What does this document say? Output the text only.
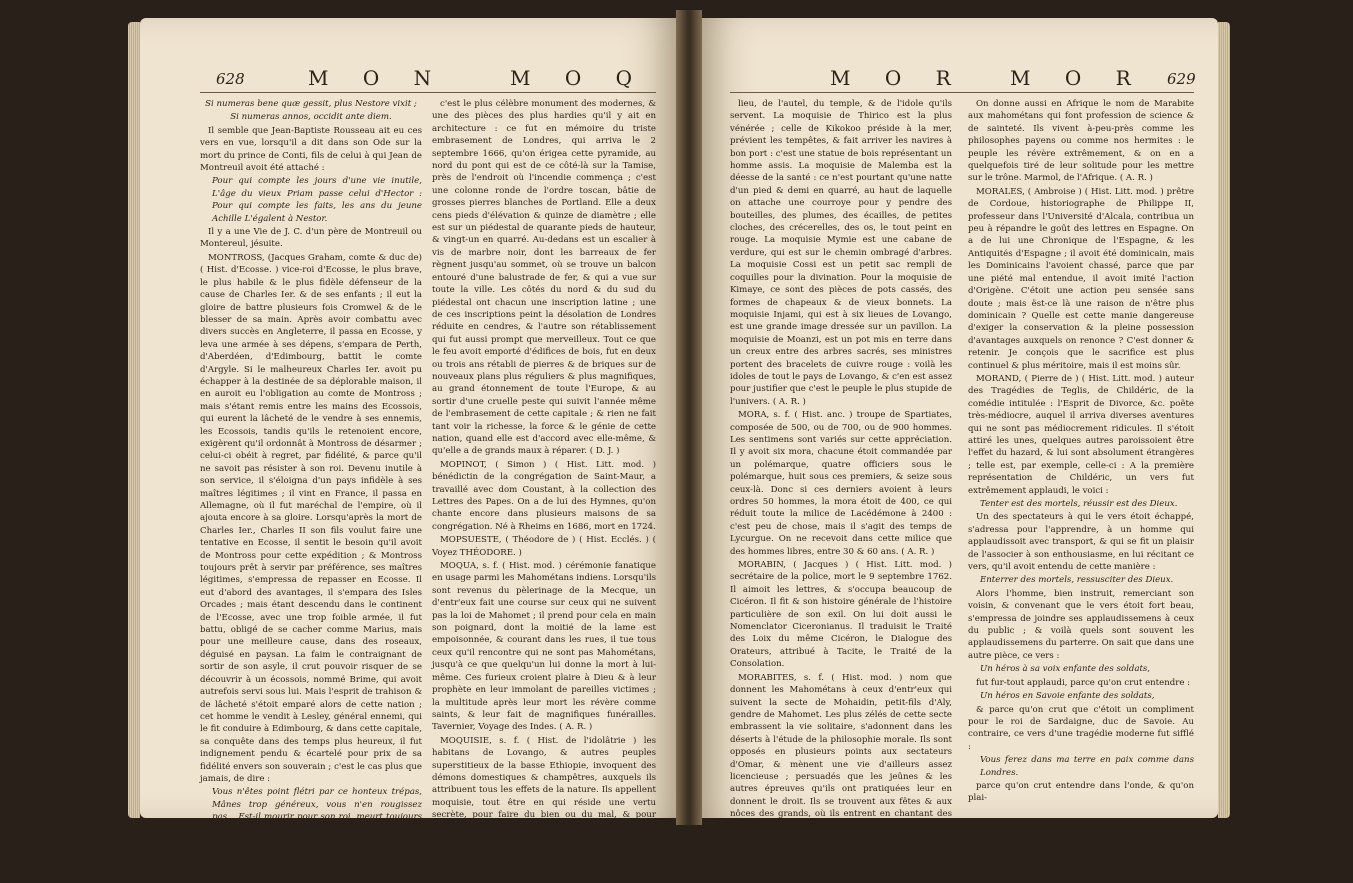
628	M O N	M O Q

Si numeras bene quæ gessit, plus Nestore vixit ;

Si numeras annos, occidit ante diem.

Il semble que Jean-Baptiste Rousseau ait eu ces vers en vue, lorsqu'il a dit dans son Ode sur la mort du prince de Conti, fils de celui à qui Jean de Montreuil avoit été attaché :

Pour qui compte les jours d'une vie inutile, L'âge du vieux Priam passe celui d'Hector : Pour qui compte les faits, les ans du jeune Achille L'égalent à Nestor.

Il y a une Vie de J. C. d'un père de Montreuil ou Montereul, jésuite.

MONTROSS, (Jacques Graham, comte & duc de) ( Hist. d'Ecosse. ) vice-roi d'Ecosse, le plus brave, le plus habile & le plus fidèle défenseur de la cause de Charles Ier. & de ses enfants ; il eut la gloire de battre plusieurs fois Cromwel & de le blesser de sa main. Après avoir combattu avec divers succès en Angleterre, il passa en Ecosse, y leva une armée à ses dépens, s'empara de Perth, d'Aberdéen, d'Edimbourg, battit le comte d'Argyle. Si le malheureux Charles Ier. avoit pu échapper à la destinée de sa déplorable maison, il en auroit eu l'obligation au comte de Montross ; mais s'étant remis entre les mains des Ecossois, qui eurent la lâcheté de le vendre à ses ennemis, les Ecossois, tandis qu'ils le retenoient encore, exigèrent qu'il ordonnât à Montross de désarmer ; celui-ci obéit à regret, par fidélité, & parce qu'il ne savoit pas résister à son roi. Devenu inutile à son service, il s'éloigna d'un pays infidèle à ses maîtres légitimes ; il vint en France, il passa en Allemagne, où il fut maréchal de l'empire, où il ajouta encore à sa gloire. Lorsqu'après la mort de Charles Ier., Charles II son fils voulut faire une tentative en Ecosse, il sentit le besoin qu'il avoit de Montross pour cette expédition ; & Montross toujours prêt à servir par préférence, ses maîtres légitimes, s'empressa de repasser en Ecosse. Il eut d'abord des avantages, il s'empara des Isles Orcades ; mais étant descendu dans le continent de l'Ecosse, avec une trop foible armée, il fut battu, obligé de se cacher comme Marius, mais pour une meilleure cause, dans des roseaux, déguisé en paysan. La faim le contraignant de sortir de son asyle, il crut pouvoir risquer de se découvrir à un écossois, nommé Brime, qui avoit autrefois servi sous lui. Mais l'esprit de trahison & de lâcheté s'étoit emparé alors de cette nation ; cet homme le vendit à Lesley, général ennemi, qui le fit conduire à Edimbourg, & dans cette capitale, sa conquête dans des temps plus heureux, il fut indignement pendu & écartelé pour prix de sa fidélité envers son souverain ; c'est le cas plus que jamais, de dire :

Vous n'êtes point flétri par ce honteux trépas, Mânes trop généreux, vous n'en rougissez pas... Est-il mourir pour son roi, meurt toujours avec gloire.

MONUMENT, ( le ) ( Hist. d'Anglet. ) il est ainsi nommé par les Anglois, & avec raison, car

c'est le plus célèbre monument des modernes, & une des pièces des plus hardies qu'il y ait en architecture : ce fut en mémoire du triste embrasement de Londres, qui arriva le 2 septembre 1666, qu'on érigea cette pyramide, au nord du pont qui est de ce côté-là sur la Tamise, près de l'endroit où l'incendie commença ; c'est une colonne ronde de l'ordre toscan, bâtie de grosses pierres blanches de Portland. Elle a deux cens pieds d'élévation & quinze de diamètre ; elle est sur un piédestal de quarante pieds de hauteur, & vingt-un en quarré. Au-dedans est un escalier à vis de marbre noir, dont les barreaux de fer règnent jusqu'au sommet, où se trouve un balcon entouré d'une balustrade de fer, & qui a vue sur toute la ville. Les côtés du nord & du sud du piédestal ont chacun une inscription latine ; une de ces inscriptions peint la désolation de Londres réduite en cendres, & l'autre son rétablissement qui fut aussi prompt que merveilleux. Tout ce que le feu avoit emporté d'édifices de bois, fut en deux ou trois ans rétabli de pierres & de briques sur de nouveaux plans plus réguliers & plus magnifiques, au grand étonnement de toute l'Europe, & au sortir d'une cruelle peste qui suivit l'année même de l'embrasement de cette capitale ; & rien ne fait tant voir la richesse, la force & le génie de cette nation, quand elle est d'accord avec elle-même, & qu'elle a de grands maux à réparer. ( D. J. )

MOPINOT, ( Simon ) ( Hist. Litt. mod. ) bénédictin de la congrégation de Saint-Maur, a travaillé avec dom Coustant, à la collection des Lettres des Papes. On a de lui des Hymnes, qu'on chante encore dans plusieurs maisons de sa congrégation. Né à Rheims en 1686, mort en 1724.

MOPSUESTE, ( Théodore de ) ( Hist. Ecclés. ) ( Voyez THÉODORE. )

MOQUA, s. f. ( Hist. mod. ) cérémonie fanatique en usage parmi les Mahométans indiens. Lorsqu'ils sont revenus du pèlerinage de la Mecque, un d'entr'eux fait une course sur ceux qui ne suivent pas la loi de Mahomet ; il prend pour cela en main son poignard, dont la moitié de la lame est empoisonnée, & courant dans les rues, il tue tous ceux qu'il rencontre qui ne sont pas Mahométans, jusqu'à ce que quelqu'un lui donne la mort à lui-même. Ces furieux croient plaire à Dieu & à leur prophète en leur immolant de pareilles victimes ; la multitude après leur mort les révère comme saints, & leur fait de magnifiques funérailles. Tavernier, Voyage des Indes. ( A. R. )

MOQUISIE, s. f. ( Hist. de l'idolâtrie ) les habitans de Lovango, & autres peuples superstitieux de la basse Ethiopie, invoquent des démons domestiques & champêtres, auxquels ils attribuent tous les effets de la nature. Ils appellent moquisie, tout être en qui réside une vertu secrète, pour faire du bien ou du mal, & pour découvrir les choses passées & les futures : leurs prêtres portent le nom de ganga moquisie, & on les distingue par un surnom pris du

M O R M O R	629

lieu, de l'autel, du temple, & de l'idole qu'ils servent. La moquisie de Thirico est la plus vénérée ; celle de Kikokoo préside à la mer, prévient les tempêtes, & fait arriver les navires à bon port : c'est une statue de bois représentant un homme assis. La moquisie de Malemba est la déesse de la santé : ce n'est pourtant qu'une natte d'un pied & demi en quarré, au haut de laquelle on attache une courroye pour y pendre des bouteilles, des plumes, des écailles, de petites cloches, des crécerelles, des os, le tout peint en rouge. La moquisie Mymie est une cabane de verdure, qui est sur le chemin ombragé d'arbres. La moquisie Cossi est un petit sac rempli de coquilles pour la divination. Pour la moquisie de Kimaye, ce sont des pièces de pots cassés, des formes de chapeaux & de vieux bonnets. La moquisie Injami, qui est à six lieues de Lovango, est une grande image dressée sur un pavillon. La moquisie de Moanzi, est un pot mis en terre dans un creux entre des arbres sacrés, ses ministres portent des bracelets de cuivre rouge : voilà les idoles de tout le pays de Lovango, & c'en est assez pour justifier que c'est le peuple le plus stupide de l'univers. ( A. R. )

MORA, s. f. ( Hist. anc. ) troupe de Spartiates, composée de 500, ou de 700, ou de 900 hommes. Les sentimens sont variés sur cette appréciation. Il y avoit six mora, chacune étoit commandée par un polémarque, quatre officiers sous le polémarque, huit sous ces premiers, & seize sous ceux-là. Donc si ces derniers avoient à leurs ordres 50 hommes, la mora étoit de 400, ce qui réduit toute la milice de Lacédémone à 2400 : c'est peu de chose, mais il s'agit des temps de Lycurgue. On ne recevoit dans cette milice que des hommes libres, entre 30 & 60 ans. ( A. R. )

MORABIN, ( Jacques ) ( Hist. Litt. mod. ) secrétaire de la police, mort le 9 septembre 1762. Il aimoit les lettres, & s'occupa beaucoup de Cicéron. Il fit & son histoire générale de l'histoire particulière de son exil. On lui doit aussi le Nomenclator Ciceronianus. Il traduisit le Traité des Loix du même Cicéron, le Dialogue des Orateurs, attribué à Tacite, le Traité de la Consolation.

MORABITES, s. f. ( Hist. mod. ) nom que donnent les Mahométans à ceux d'entr'eux qui suivent la secte de Mohaidin, petit-fils d'Aly, gendre de Mahomet. Les plus zélés de cette secte embrassent la vie solitaire, s'adonnent dans les déserts à l'étude de la philosophie morale. Ils sont opposés en plusieurs points aux sectateurs d'Omar, & mènent une vie d'ailleurs assez licencieuse ; persuadés que les jeûnes & les autres épreuves qu'ils ont pratiquées leur en donnent le droit. Ils se trouvent aux fêtes & aux nôces des grands, où ils entrent en chantant des vers en l'honneur d'Aly & de ses fils ; ils y prennent part aux festins & aux danses jusqu'à tomber dans des excès, que leurs disciples ne manquent pas de faire passer pour des extases : leur règle n'est fondée que sur des traditions.

On donne aussi en Afrique le nom de Marabite aux mahométans qui font profession de science & de sainteté. Ils vivent à-peu-près comme les philosophes payens ou comme nos hermites : le peuple les révère extrêmement, & on en a quelquefois tiré de leur solitude pour les mettre sur le trône. Marmol, de l'Afrique. ( A. R. )

MORALES, ( Ambroise ) ( Hist. Litt. mod. ) prêtre de Cordoue, historiographe de Philippe II, professeur dans l'Université d'Alcala, contribua un peu à répandre le goût des lettres en Espagne. On a de lui une Chronique de l'Espagne, & les Antiquités d'Espagne ; il avoit été dominicain, mais les Dominicains l'avoient chassé, parce que par une piété mal entendue, il avoit imité l'action d'Origène. C'étoit une action peu sensée sans doute ; mais ëst-ce là une raison de n'être plus dominicain ? Quelle est cette manie dangereuse d'exiger la conservation & la pleine possession d'avantages auxquels on renonce ? C'est donner & retenir. Je conçois que le sacrifice est plus continuel & plus méritoire, mais il est moins sûr.

MORAND, ( Pierre de ) ( Hist. Litt. mod. ) auteur des Tragédies de Teglis, de Childéric, de la comédie intitulée : l'Esprit de Divorce, &c. poëte très-médiocre, auquel il arriva diverses aventures qui ne sont pas médiocrement ridicules. Il s'étoit attiré les unes, quelques autres paroissoient être l'effet du hazard, & lui sont absolument étrangères ; telle est, par exemple, celle-ci : A la première représentation de Childéric, un vers fut extrêmement applaudi, le voici :

Tenter est des mortels, réussir est des Dieux.

Un des spectateurs à qui le vers étoit échappé, s'adressa pour l'apprendre, à un homme qui applaudissoit avec transport, & qui se fit un plaisir de l'associer à son enthousiasme, en lui récitant ce vers, qu'il avoit entendu de cette manière :

Enterrer des mortels, ressusciter des Dieux.

Alors l'homme, bien instruit, remerciant son voisin, & convenant que le vers étoit fort beau, s'empressa de joindre ses applaudissemens à ceux du public ; & voilà quels sont souvent les applaudissemens du parterre. On sait que dans une autre pièce, ce vers :

Un héros à sa voix enfante des soldats,

fut fur-tout applaudi, parce qu'on crut entendre :

Un héros en Savoie enfante des soldats,

& parce qu'on crut que c'étoit un compliment pour le roi de Sardaigne, duc de Savoie. Au contraire, ce vers d'une tragédie moderne fut sifflé :

Vous ferez dans ma terre en paix comme dans Londres.

parce qu'on crut entendre dans l'onde, & qu'on plai-
